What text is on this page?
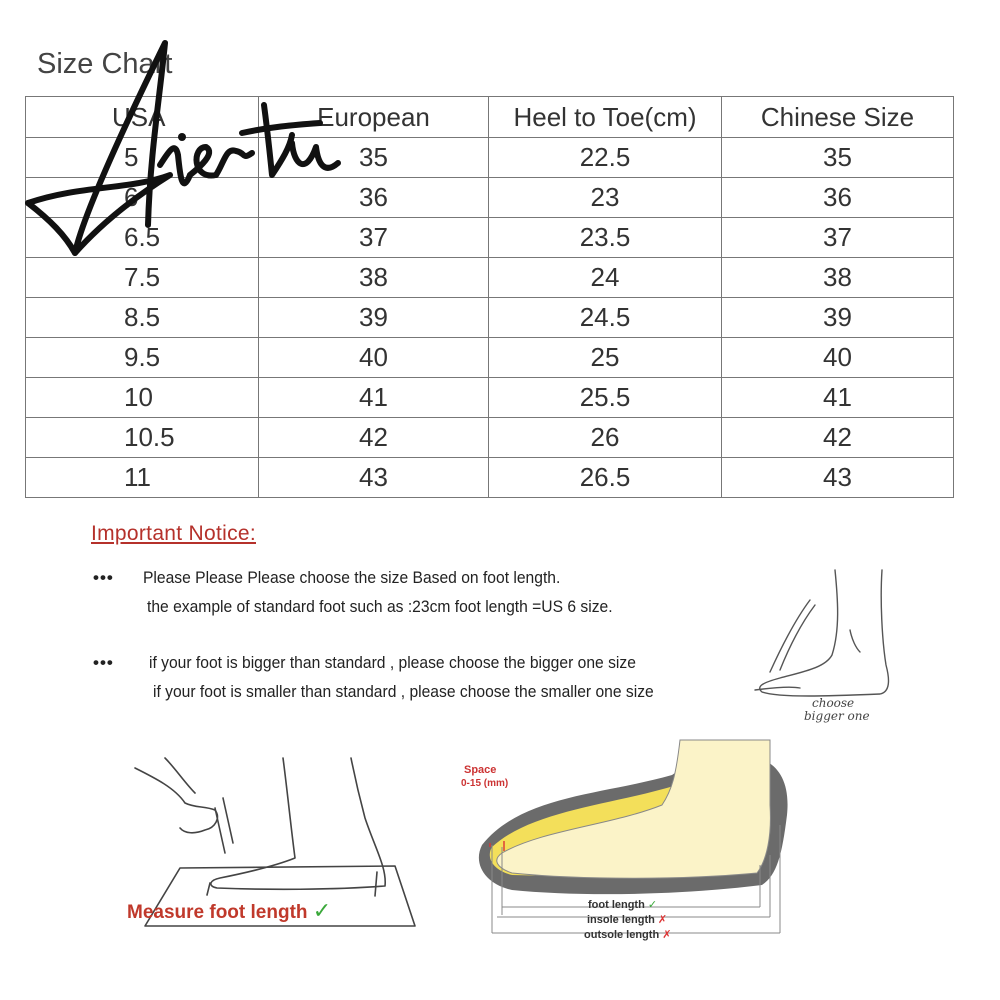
Size Chart
USA	European	Heel to Toe(cm)	Chinese Size
5	35	22.5	35
6	36	23	36
6.5	37	23.5	37
7.5	38	24	38
8.5	39	24.5	39
9.5	40	25	40
10	41	25.5	41
10.5	42	26	42
11	43	26.5	43
Important Notice:
••• Please Please Please choose the size Based on foot length.
the example of standard foot such as :23cm foot length =US 6 size.
••• if your foot is bigger than standard , please choose the bigger one size
if your foot is smaller than standard , please choose the smaller one size
choose
bigger one
Measure foot length ✓
Space
0-15 (mm)
foot length ✓
insole length ✗
outsole length ✗
